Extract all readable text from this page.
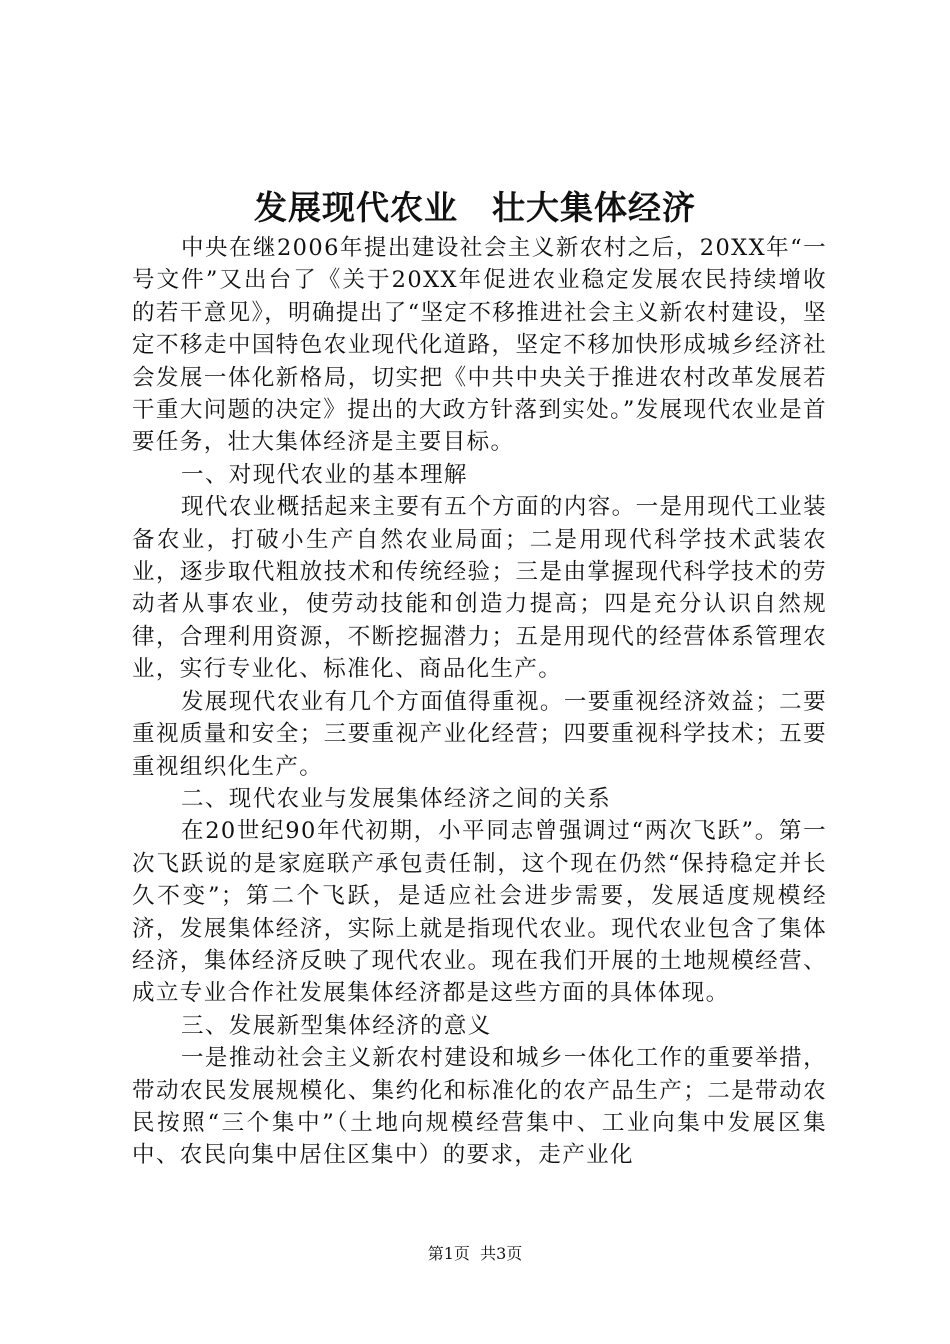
发展现代农业　壮大集体经济

中央在继2006年提出建设社会主义新农村之后，20XX年“一号文件”又出台了《关于20XX年促进农业稳定发展农民持续增收的若干意见》，明确提出了“坚定不移推进社会主义新农村建设，坚定不移走中国特色农业现代化道路，坚定不移加快形成城乡经济社会发展一体化新格局，切实把《中共中央关于推进农村改革发展若干重大问题的决定》提出的大政方针落到实处。”发展现代农业是首要任务，壮大集体经济是主要目标。

一、对现代农业的基本理解

现代农业概括起来主要有五个方面的内容。一是用现代工业装备农业，打破小生产自然农业局面；二是用现代科学技术武装农业，逐步取代粗放技术和传统经验；三是由掌握现代科学技术的劳动者从事农业，使劳动技能和创造力提高；四是充分认识自然规律，合理利用资源，不断挖掘潜力；五是用现代的经营体系管理农业，实行专业化、标准化、商品化生产。

发展现代农业有几个方面值得重视。一要重视经济效益；二要重视质量和安全；三要重视产业化经营；四要重视科学技术；五要重视组织化生产。

二、现代农业与发展集体经济之间的关系

在20世纪90年代初期，小平同志曾强调过“两次飞跃”。第一次飞跃说的是家庭联产承包责任制，这个现在仍然“保持稳定并长久不变”；第二个飞跃，是适应社会进步需要，发展适度规模经济，发展集体经济，实际上就是指现代农业。现代农业包含了集体经济，集体经济反映了现代农业。现在我们开展的土地规模经营、成立专业合作社发展集体经济都是这些方面的具体体现。

三、发展新型集体经济的意义

一是推动社会主义新农村建设和城乡一体化工作的重要举措，带动农民发展规模化、集约化和标准化的农产品生产；二是带动农民按照“三个集中”（土地向规模经营集中、工业向集中发展区集中、农民向集中居住区集中）的要求，走产业化

第1页  共3页
